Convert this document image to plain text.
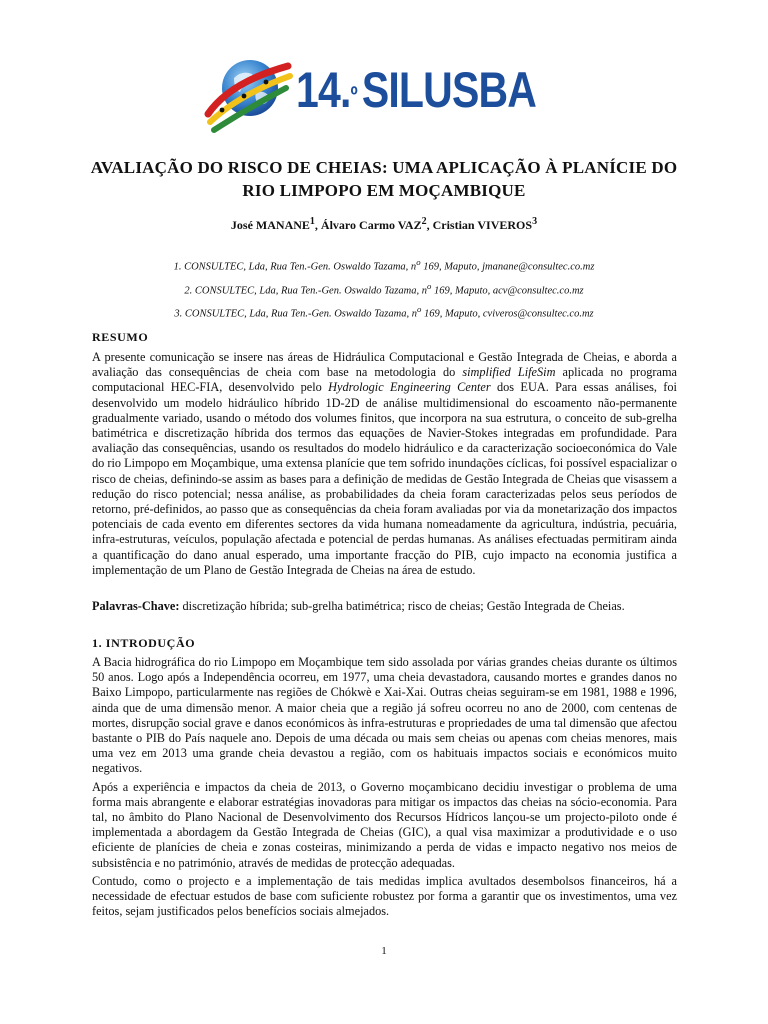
14.ºSILUSBA
AVALIAÇÃO DO RISCO DE CHEIAS: UMA APLICAÇÃO À PLANÍCIE DO RIO LIMPOPO EM MOÇAMBIQUE
José MANANE$^1$, Álvaro Carmo VAZ$^2$, Cristian VIVEROS$^3$
1. CONSULTEC, Lda, Rua Ten.-Gen. Oswaldo Tazama, $n^o$ 169, Maputo, jmanane@consultec.co.mz
2. CONSULTEC, Lda, Rua Ten.-Gen. Oswaldo Tazama, $n^o$ 169, Maputo, acv@consultec.co.mz
3. CONSULTEC, Lda, Rua Ten.-Gen. Oswaldo Tazama, $n^o$ 169, Maputo, cviveros@consultec.co.mz
RESUMO

A presente comunicação se insere nas áreas de Hidráulica Computacional e Gestão Integrada de Cheias, e aborda a avaliação das consequências de cheia com base na metodologia do simplified LifeSim aplicada no programa computacional HEC-FIA, desenvolvido pelo Hydrologic Engineering Center dos EUA. Para essas análises, foi desenvolvido um modelo hidráulico híbrido 1D-2D de análise multidimensional do escoamento não-permanente gradualmente variado, usando o método dos volumes finitos, que incorpora na sua estrutura, o conceito de sub-grelha batimétrica e discretização híbrida dos termos das equações de Navier-Stokes integradas em profundidade. Para avaliação das consequências, usando os resultados do modelo hidráulico e da caracterização socioeconómica do Vale do rio Limpopo em Moçambique, uma extensa planície que tem sofrido inundações cíclicas, foi possível espacializar o risco de cheias, definindo-se assim as bases para a definição de medidas de Gestão Integrada de Cheias que visassem a redução do risco potencial; nessa análise, as probabilidades da cheia foram caracterizadas pelos seus períodos de retorno, pré-definidos, ao passo que as consequências da cheia foram avaliadas por via da monetarização dos impactos potenciais de cada evento em diferentes sectores da vida humana nomeadamente da agricultura, indústria, pecuária, infra-estruturas, veículos, população afectada e potencial de perdas humanas. As análises efectuadas permitiram ainda a quantificação do dano anual esperado, uma importante fracção do PIB, cujo impacto na economia justifica a implementação de um Plano de Gestão Integrada de Cheias na área de estudo.

Palavras-Chave: discretização híbrida; sub-grelha batimétrica; risco de cheias; Gestão Integrada de Cheias.
1. INTRODUÇÃO

A Bacia hidrográfica do rio Limpopo em Moçambique tem sido assolada por várias grandes cheias durante os últimos 50 anos. Logo após a Independência ocorreu, em 1977, uma cheia devastadora, causando mortes e grandes danos no Baixo Limpopo, particularmente nas regiões de Chókwè e Xai-Xai. Outras cheias seguiram-se em 1981, 1988 e 1996, ainda que de uma dimensão menor. A maior cheia que a região já sofreu ocorreu no ano de 2000, com centenas de mortes, disrupção social grave e danos económicos às infra-estruturas e propriedades de uma tal dimensão que afectou bastante o PIB do País naquele ano. Depois de uma década ou mais sem cheias ou apenas com cheias menores, mais uma vez em 2013 uma grande cheia devastou a região, com os habituais impactos sociais e económicos muito negativos.

Após a experiência e impactos da cheia de 2013, o Governo moçambicano decidiu investigar o problema de uma forma mais abrangente e elaborar estratégias inovadoras para mitigar os impactos das cheias na sócio-economia. Para tal, no âmbito do Plano Nacional de Desenvolvimento dos Recursos Hídricos lançou-se um projecto-piloto onde é implementada a abordagem da Gestão Integrada de Cheias (GIC), a qual visa maximizar a produtividade e o uso eficiente de planícies de cheia e zonas costeiras, minimizando a perda de vidas e impacto negativo nos meios de subsistência e no património, através de medidas de protecção adequadas.

Contudo, como o projecto e a implementação de tais medidas implica avultados desembolsos financeiros, há a necessidade de efectuar estudos de base com suficiente robustez por forma a garantir que os investimentos, uma vez feitos, sejam justificados pelos benefícios sociais almejados.

1
